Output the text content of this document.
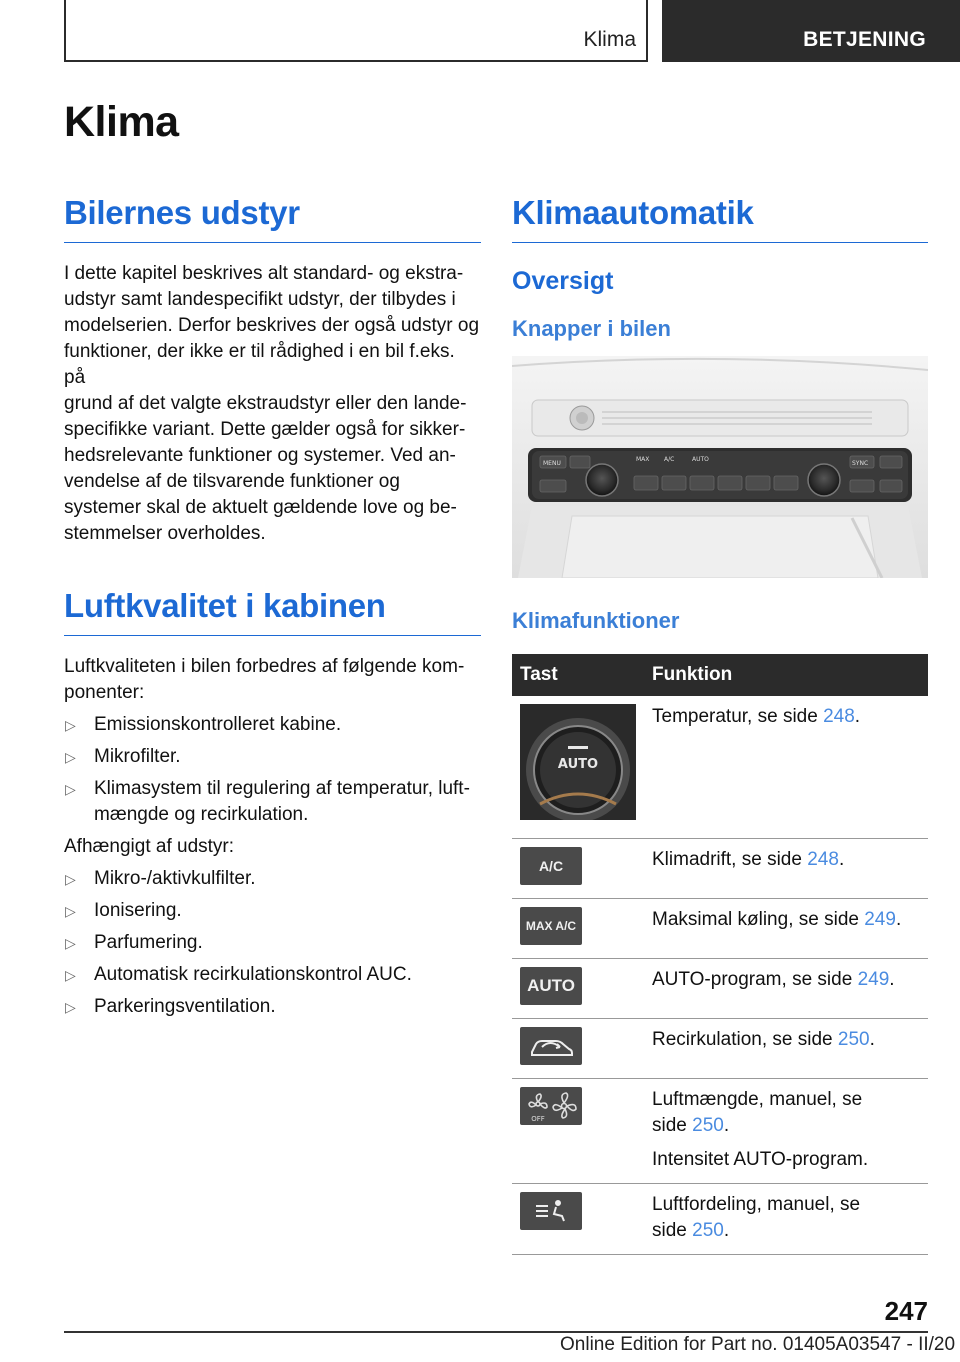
Klima	BETJENING
Klima
Bilernes udstyr

I dette kapitel beskrives alt standard- og ekstra-
udstyr samt landespecifikt udstyr, der tilbydes i
modelserien. Derfor beskrives der også udstyr og
funktioner, der ikke er til rådighed i en bil f.eks. på
grund af det valgte ekstraudstyr eller den lande-
specifikke variant. Dette gælder også for sikker-
hedsrelevante funktioner og systemer. Ved an-
vendelse af de tilsvarende funktioner og
systemer skal de aktuelt gældende love og be-
stemmelser overholdes.

Luftkvalitet i kabinen

Luftkvaliteten i bilen forbedres af følgende kom-
ponenter:

▷ Emissionskontrolleret kabine.
▷ Mikrofilter.
▷ Klimasystem til regulering af temperatur, luft-
mængde og recirkulation.

Afhængigt af udstyr:

▷ Mikro-/aktivkulfilter.
▷ Ionisering.
▷ Parfumering.
▷ Automatisk recirkulationskontrol AUC.
▷ Parkeringsventilation.
Klimaautomatik
Oversigt
Knapper i bilen
MENU
A/C	AUTO
SYNC
MAX
Klimafunktioner
Tast	Funktion

AUTO	Temperatur, se side 248.

A/C	Klimadrift, se side 248.

MAX A/C	Maksimal køling, se side 249.

AUTO	AUTO-program, se side 249.

	Recirkulation, se side 250.

OFF	Luftmængde, manuel, se
side 250.
Intensitet AUTO-program.

	Luftfordeling, manuel, se
side 250.
247
Online Edition for Part no. 01405A03547 - II/20
